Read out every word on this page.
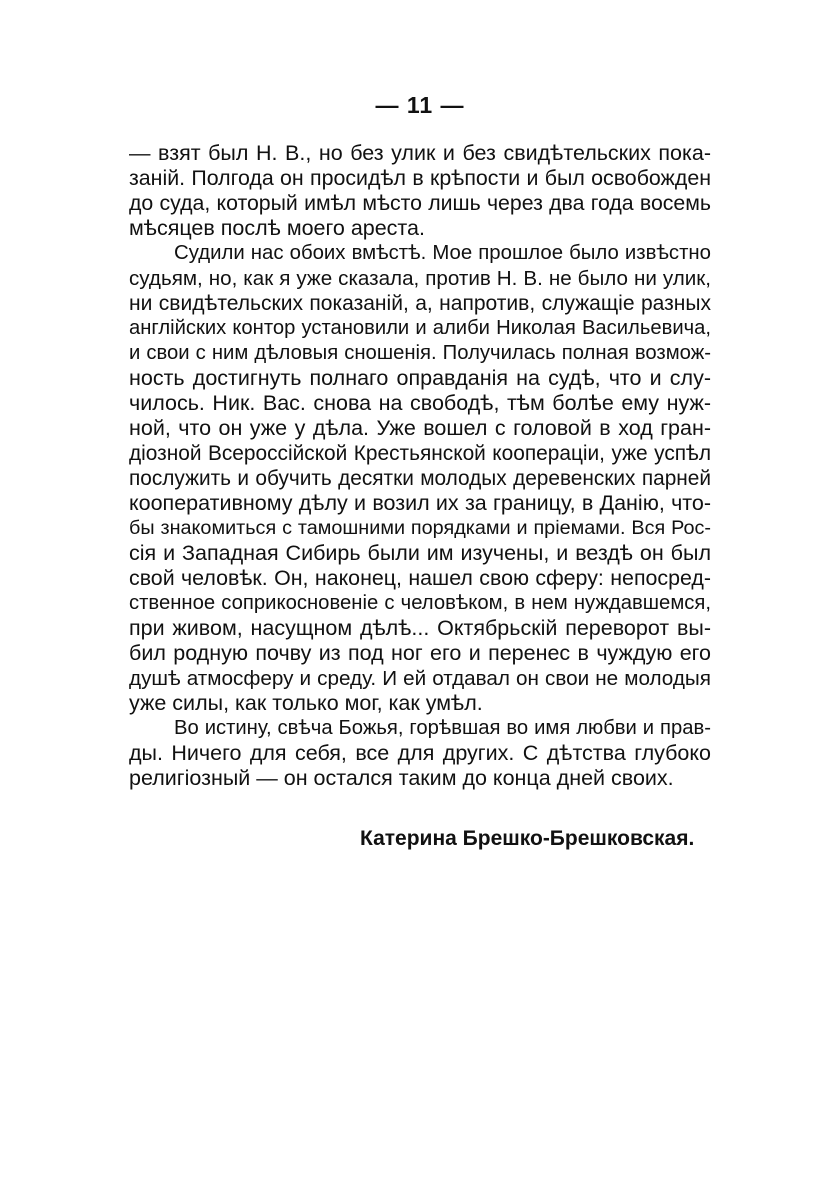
— 11 —
— взят был Н. В., но без улик и без свидѣтельских пока-
заній. Полгода он просидѣл в крѣпости и был освобожден
до суда, который имѣл мѣсто лишь через два года восемь
мѣсяцев послѣ моего ареста.
Судили нас обоих вмѣстѣ. Мое прошлое было извѣстно
судьям, но, как я уже сказала, против Н. В. не было ни улик,
ни свидѣтельских показаній, а, напротив, служащіе разных
англійских контор установили и алиби Николая Васильевича,
и свои с ним дѣловыя сношенія. Получилась полная возмож-
ность достигнуть полнаго оправданія на судѣ, что и слу-
чилось. Ник. Вас. снова на свободѣ, тѣм болѣе ему нуж-
ной, что он уже у дѣла. Уже вошел с головой в ход гран-
діозной Всероссійской Крестьянской коопераціи, уже успѣл
послужить и обучить десятки молодых деревенских парней
кооперативному дѣлу и возил их за границу, в Данію, что-
бы знакомиться с тамошними порядками и пріемами. Вся Рос-
сія и Западная Сибирь были им изучены, и вездѣ он был
свой человѣк. Он, наконец, нашел свою сферу: непосред-
ственное соприкосновеніе с человѣком, в нем нуждавшемся,
при живом, насущном дѣлѣ... Октябрьскій переворот вы-
бил родную почву из под ног его и перенес в чуждую его
душѣ атмосферу и среду. И ей отдавал он свои не молодыя
уже силы, как только мог, как умѣл.
Во истину, свѣча Божья, горѣвшая во имя любви и прав-
ды. Ничего для себя, все для других. С дѣтства глубоко
религіозный — он остался таким до конца дней своих.
Катерина Брешко-Брешковская.
